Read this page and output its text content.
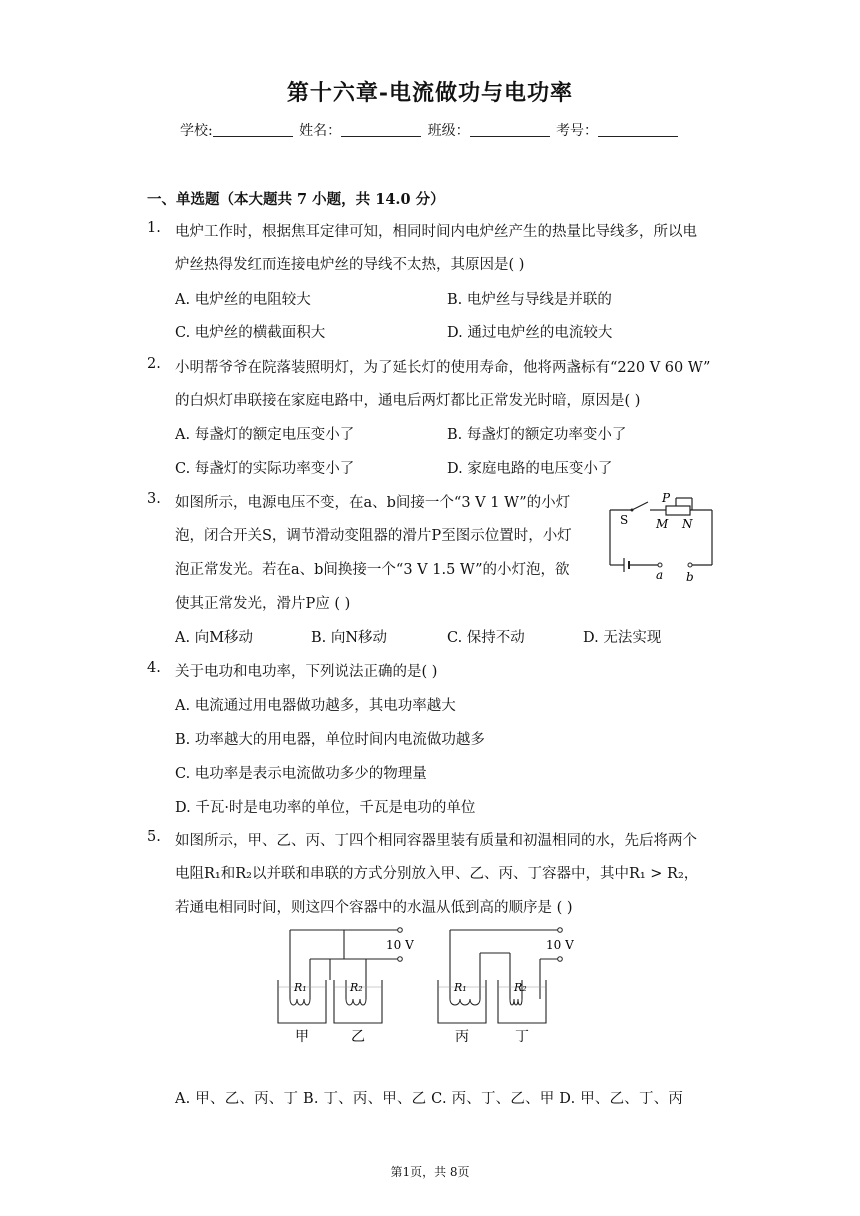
第十六章-电流做功与电功率
学校:	姓名：	班级：	考号：
一、单选题（本大题共 7 小题，共 14.0 分）
1. 电炉工作时，根据焦耳定律可知，相同时间内电炉丝产生的热量比导线多，所以电
炉丝热得发红而连接电炉丝的导线不太热，其原因是( )
A. 电炉丝的电阻较大	B. 电炉丝与导线是并联的
C. 电炉丝的横截面积大	D. 通过电炉丝的电流较大
2. 小明帮爷爷在院落装照明灯，为了延长灯的使用寿命，他将两盏标有“220 V 60 W”
的白炽灯串联接在家庭电路中，通电后两灯都比正常发光时暗，原因是( )
A. 每盏灯的额定电压变小了	B. 每盏灯的额定功率变小了
C. 每盏灯的实际功率变小了	D. 家庭电路的电压变小了
3. 如图所示，电源电压不变，在a、b间接一个“3 V 1 W”的小灯
泡，闭合开关S，调节滑动变阻器的滑片P至图示位置时，小灯
泡正常发光。若在a、b间换接一个“3 V 1.5 W”的小灯泡，欲
使其正常发光，滑片P应 ( )
A. 向M移动	B. 向N移动	C. 保持不动	D. 无法实现
P
S M N
a b
4. 关于电功和电功率，下列说法正确的是( )
A. 电流通过用电器做功越多，其电功率越大
B. 功率越大的用电器，单位时间内电流做功越多
C. 电功率是表示电流做功多少的物理量
D. 千瓦·时是电功率的单位，千瓦是电功的单位
5. 如图所示，甲、乙、丙、丁四个相同容器里装有质量和初温相同的水，先后将两个
电阻R₁和R₂以并联和串联的方式分别放入甲、乙、丙、丁容器中，其中R₁ > R₂，
若通电相同时间，则这四个容器中的水温从低到高的顺序是 ( )
10 V	10 V
R₁	R₂	R₁	R₂
甲	乙	丙	丁
A. 甲、乙、丙、丁 B. 丁、丙、甲、乙 C. 丙、丁、乙、甲 D. 甲、乙、丁、丙
第1页，共 8页
